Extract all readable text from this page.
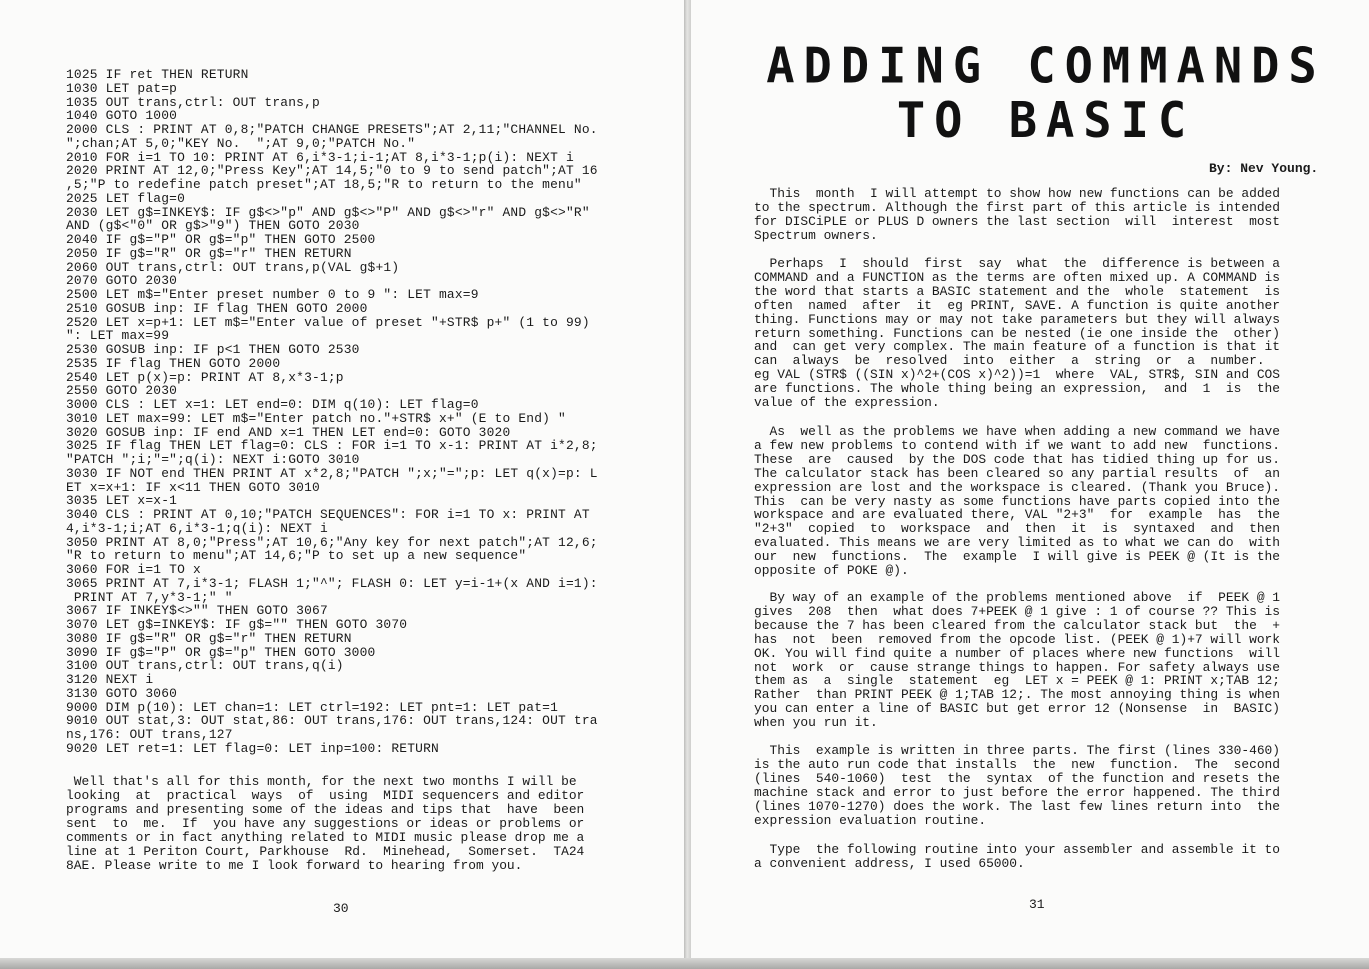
1025 IF ret THEN RETURN
1030 LET pat=p
1035 OUT trans,ctrl: OUT trans,p
1040 GOTO 1000
2000 CLS : PRINT AT 0,8;"PATCH CHANGE PRESETS";AT 2,11;"CHANNEL No.
";chan;AT 5,0;"KEY No.  ";AT 9,0;"PATCH No."
2010 FOR i=1 TO 10: PRINT AT 6,i*3-1;i-1;AT 8,i*3-1;p(i): NEXT i
2020 PRINT AT 12,0;"Press Key";AT 14,5;"0 to 9 to send patch";AT 16
,5;"P to redefine patch preset";AT 18,5;"R to return to the menu"
2025 LET flag=0
2030 LET g$=INKEY$: IF g$<>"p" AND g$<>"P" AND g$<>"r" AND g$<>"R"
AND (g$<"0" OR g$>"9") THEN GOTO 2030
2040 IF g$="P" OR g$="p" THEN GOTO 2500
2050 IF g$="R" OR g$="r" THEN RETURN
2060 OUT trans,ctrl: OUT trans,p(VAL g$+1)
2070 GOTO 2030
2500 LET m$="Enter preset number 0 to 9 ": LET max=9
2510 GOSUB inp: IF flag THEN GOTO 2000
2520 LET x=p+1: LET m$="Enter value of preset "+STR$ p+" (1 to 99)
": LET max=99
2530 GOSUB inp: IF p<1 THEN GOTO 2530
2535 IF flag THEN GOTO 2000
2540 LET p(x)=p: PRINT AT 8,x*3-1;p
2550 GOTO 2030
3000 CLS : LET x=1: LET end=0: DIM q(10): LET flag=0
3010 LET max=99: LET m$="Enter patch no."+STR$ x+" (E to End) "
3020 GOSUB inp: IF end AND x=1 THEN LET end=0: GOTO 3020
3025 IF flag THEN LET flag=0: CLS : FOR i=1 TO x-1: PRINT AT i*2,8;
"PATCH ";i;"=";q(i): NEXT i:GOTO 3010
3030 IF NOT end THEN PRINT AT x*2,8;"PATCH ";x;"=";p: LET q(x)=p: L
ET x=x+1: IF x<11 THEN GOTO 3010
3035 LET x=x-1
3040 CLS : PRINT AT 0,10;"PATCH SEQUENCES": FOR i=1 TO x: PRINT AT
4,i*3-1;i;AT 6,i*3-1;q(i): NEXT i
3050 PRINT AT 8,0;"Press";AT 10,6;"Any key for next patch";AT 12,6;
"R to return to menu";AT 14,6;"P to set up a new sequence"
3060 FOR i=1 TO x
3065 PRINT AT 7,i*3-1; FLASH 1;"^"; FLASH 0: LET y=i-1+(x AND i=1):
PRINT AT 7,y*3-1;" "
3067 IF INKEY$<>"" THEN GOTO 3067
3070 LET g$=INKEY$: IF g$="" THEN GOTO 3070
3080 IF g$="R" OR g$="r" THEN RETURN
3090 IF g$="P" OR g$="p" THEN GOTO 3000
3100 OUT trans,ctrl: OUT trans,q(i)
3120 NEXT i
3130 GOTO 3060
9000 DIM p(10): LET chan=1: LET ctrl=192: LET pnt=1: LET pat=1
9010 OUT stat,3: OUT stat,86: OUT trans,176: OUT trans,124: OUT tra
ns,176: OUT trans,127
9020 LET ret=1: LET flag=0: LET inp=100: RETURN
Well that's all for this month, for the next two months I will be
looking  at  practical  ways  of  using  MIDI sequencers and editor
programs and presenting some of the ideas and tips that  have  been
sent  to  me.  If  you have any suggestions or ideas or problems or
comments or in fact anything related to MIDI music please drop me a
line at 1 Periton Court, Parkhouse  Rd.  Minehead,  Somerset.  TA24
8AE. Please write to me I look forward to hearing from you.
30
ADDING COMMANDS
TO BASIC
By: Nev Young.
This  month  I will attempt to show how new functions can be added
to the spectrum. Although the first part of this article is intended
for DISCiPLE or PLUS D owners the last section  will  interest  most
Spectrum owners.
Perhaps  I  should  first  say  what  the  difference is between a
COMMAND and a FUNCTION as the terms are often mixed up. A COMMAND is
the word that starts a BASIC statement and the  whole  statement  is
often  named  after  it  eg PRINT, SAVE. A function is quite another
thing. Functions may or may not take parameters but they will always
return something. Functions can be nested (ie one inside the  other)
and  can get very complex. The main feature of a function is that it
can  always  be  resolved  into  either  a  string  or  a  number.
eg VAL (STR$ ((SIN x)^2+(COS x)^2))=1  where  VAL, STR$, SIN and COS
are functions. The whole thing being an expression,  and  1  is  the
value of the expression.
As  well as the problems we have when adding a new command we have
a few new problems to contend with if we want to add new  functions.
These  are  caused  by the DOS code that has tidied thing up for us.
The calculator stack has been cleared so any partial results  of  an
expression are lost and the workspace is cleared. (Thank you Bruce).
This  can be very nasty as some functions have parts copied into the
workspace and are evaluated there, VAL "2+3"  for  example  has  the
"2+3"  copied  to  workspace  and  then  it  is  syntaxed  and  then
evaluated. This means we are very limited as to what we can do  with
our  new  functions.  The  example  I will give is PEEK @ (It is the
opposite of POKE @).
By way of an example of the problems mentioned above  if  PEEK @ 1
gives  208  then  what does 7+PEEK @ 1 give : 1 of course ?? This is
because the 7 has been cleared from the calculator stack but  the  +
has  not  been  removed from the opcode list. (PEEK @ 1)+7 will work
OK. You will find quite a number of places where new functions  will
not  work  or  cause strange things to happen. For safety always use
them as  a  single  statement  eg  LET x = PEEK @ 1: PRINT x;TAB 12;
Rather  than PRINT PEEK @ 1;TAB 12;. The most annoying thing is when
you can enter a line of BASIC but get error 12 (Nonsense  in  BASIC)
when you run it.
This  example is written in three parts. The first (lines 330-460)
is the auto run code that installs  the  new  function.  The  second
(lines  540-1060)  test  the  syntax  of the function and resets the
machine stack and error to just before the error happened. The third
(lines 1070-1270) does the work. The last few lines return into  the
expression evaluation routine.
Type  the following routine into your assembler and assemble it to
a convenient address, I used 65000.
31
